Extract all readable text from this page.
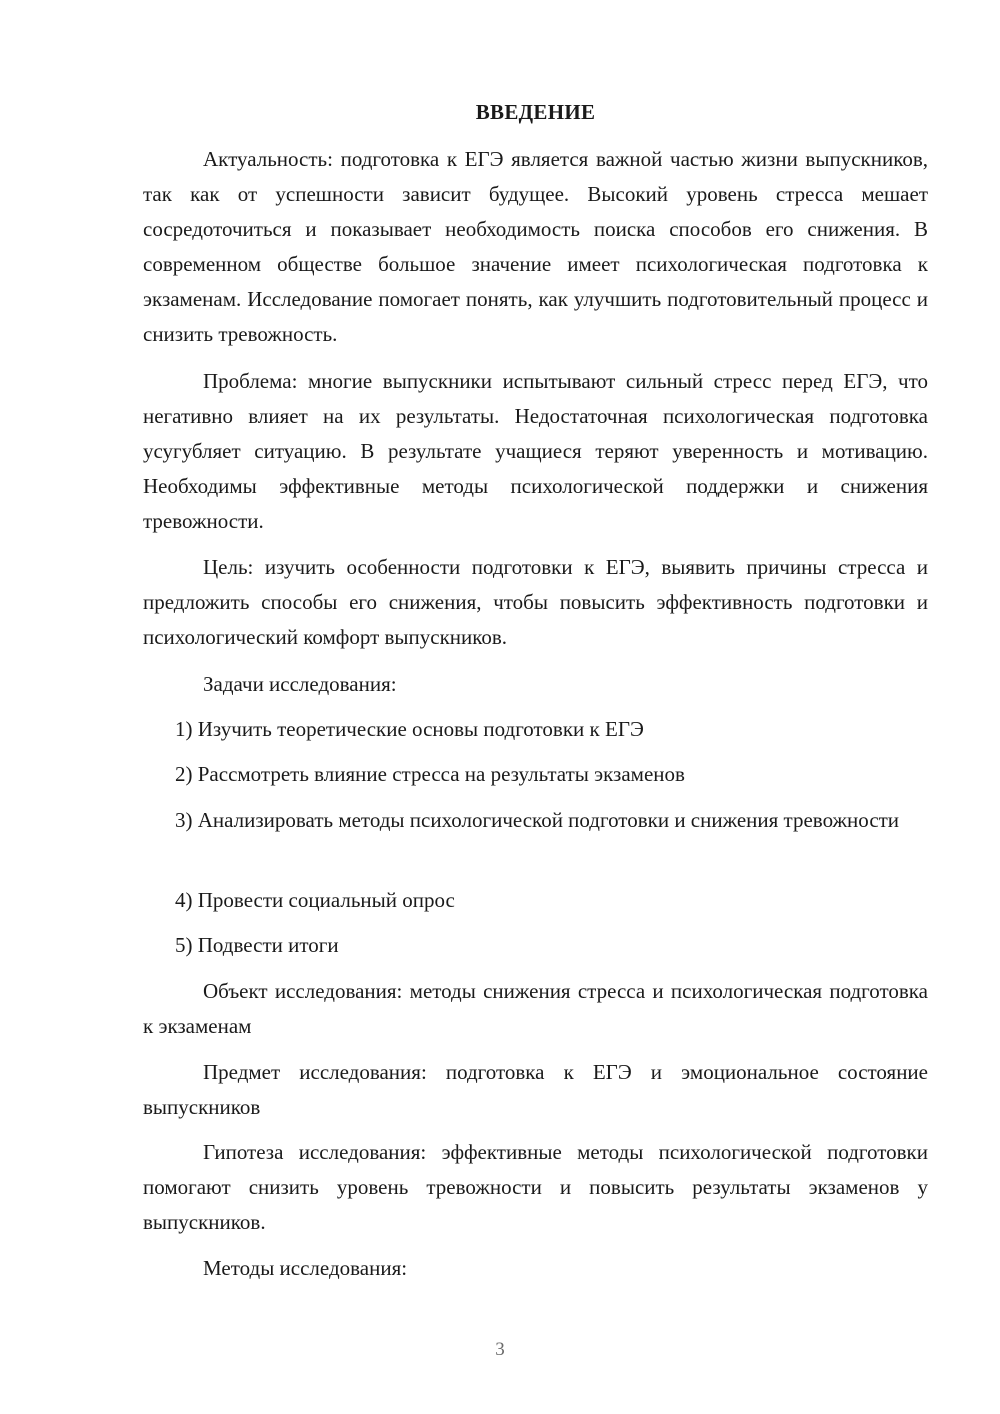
ВВЕДЕНИЕ

Актуальность: подготовка к ЕГЭ является важной частью жизни выпускников, так как от успешности зависит будущее. Высокий уровень стресса мешает сосредоточиться и показывает необходимость поиска способов его снижения. В современном обществе большое значение имеет психологическая подготовка к экзаменам. Исследование помогает понять, как улучшить подготовительный процесс и снизить тревожность.

Проблема: многие выпускники испытывают сильный стресс перед ЕГЭ, что негативно влияет на их результаты. Недостаточная психологическая подготовка усугубляет ситуацию. В результате учащиеся теряют уверенность и мотивацию. Необходимы эффективные методы психологической поддержки и снижения тревожности.

Цель: изучить особенности подготовки к ЕГЭ, выявить причины стресса и предложить способы его снижения, чтобы повысить эффективность подготовки и психологический комфорт выпускников.

Задачи исследования:

1) Изучить теоретические основы подготовки к ЕГЭ

2) Рассмотреть влияние стресса на результаты экзаменов

3) Анализировать методы психологической подготовки и снижения тревожности

4) Провести социальный опрос

5) Подвести итоги

Объект исследования: методы снижения стресса и психологическая подготовка к экзаменам

Предмет исследования: подготовка к ЕГЭ и эмоциональное состояние выпускников

Гипотеза исследования: эффективные методы психологической подготовки помогают снизить уровень тревожности и повысить результаты экзаменов у выпускников.

Методы исследования:

3
